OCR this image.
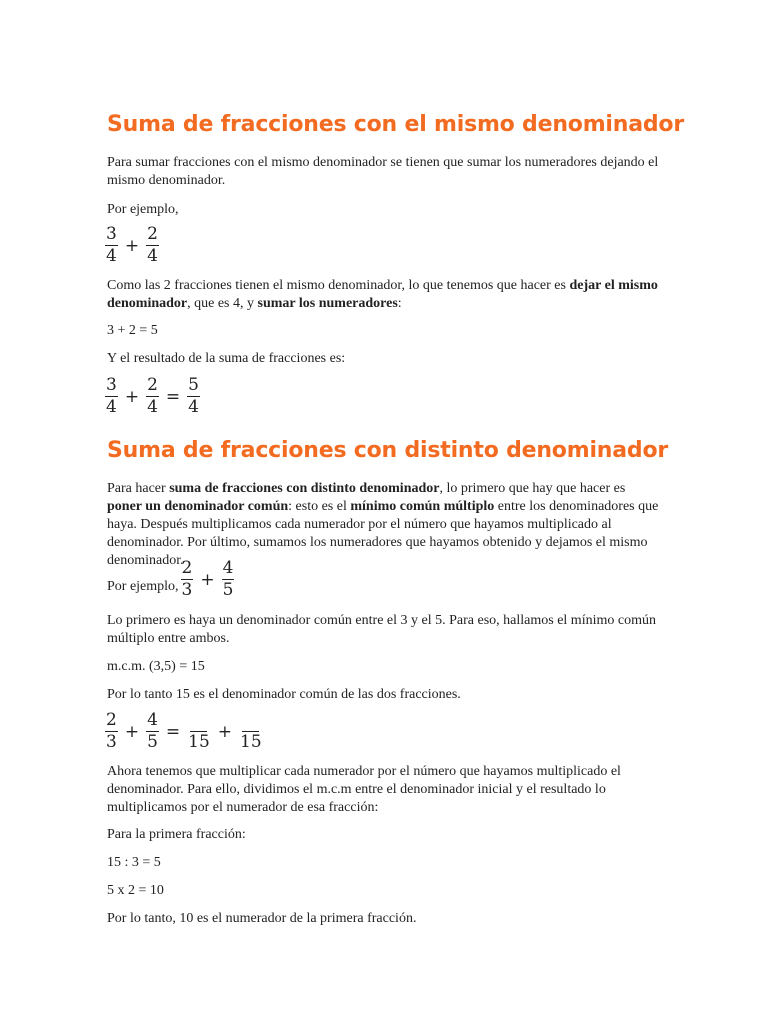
Suma de fracciones con el mismo denominador

Para sumar fracciones con el mismo denominador se tienen que sumar los numeradores dejando el mismo denominador.

Por ejemplo,

$\frac{3}{4} + \frac{2}{4}$

Como las 2 fracciones tienen el mismo denominador, lo que tenemos que hacer es dejar el mismo denominador, que es 4, y sumar los numeradores:

3 + 2 = 5

Y el resultado de la suma de fracciones es:

$\frac{3}{4} + \frac{2}{4} = \frac{5}{4}$
Suma de fracciones con distinto denominador

Para hacer suma de fracciones con distinto denominador, lo primero que hay que hacer es poner un denominador común: esto es el mínimo común múltiplo entre los denominadores que haya. Después multiplicamos cada numerador por el número que hayamos multiplicado al denominador. Por último, sumamos los numeradores que hayamos obtenido y dejamos el mismo denominador.

Por ejemplo, $\frac{2}{3} + \frac{4}{5}$

Lo primero es haya un denominador común entre el 3 y el 5. Para eso, hallamos el mínimo común múltiplo entre ambos.

m.c.m. (3,5) = 15

Por lo tanto 15 es el denominador común de las dos fracciones.

$\frac{2}{3} + \frac{4}{5}$ =
15
+
15

Ahora tenemos que multiplicar cada numerador por el número que hayamos multiplicado el denominador. Para ello, dividimos el m.c.m entre el denominador inicial y el resultado lo multiplicamos por el numerador de esa fracción:

Para la primera fracción:

15 : 3 = 5

5 x 2 = 10

Por lo tanto, 10 es el numerador de la primera fracción.
